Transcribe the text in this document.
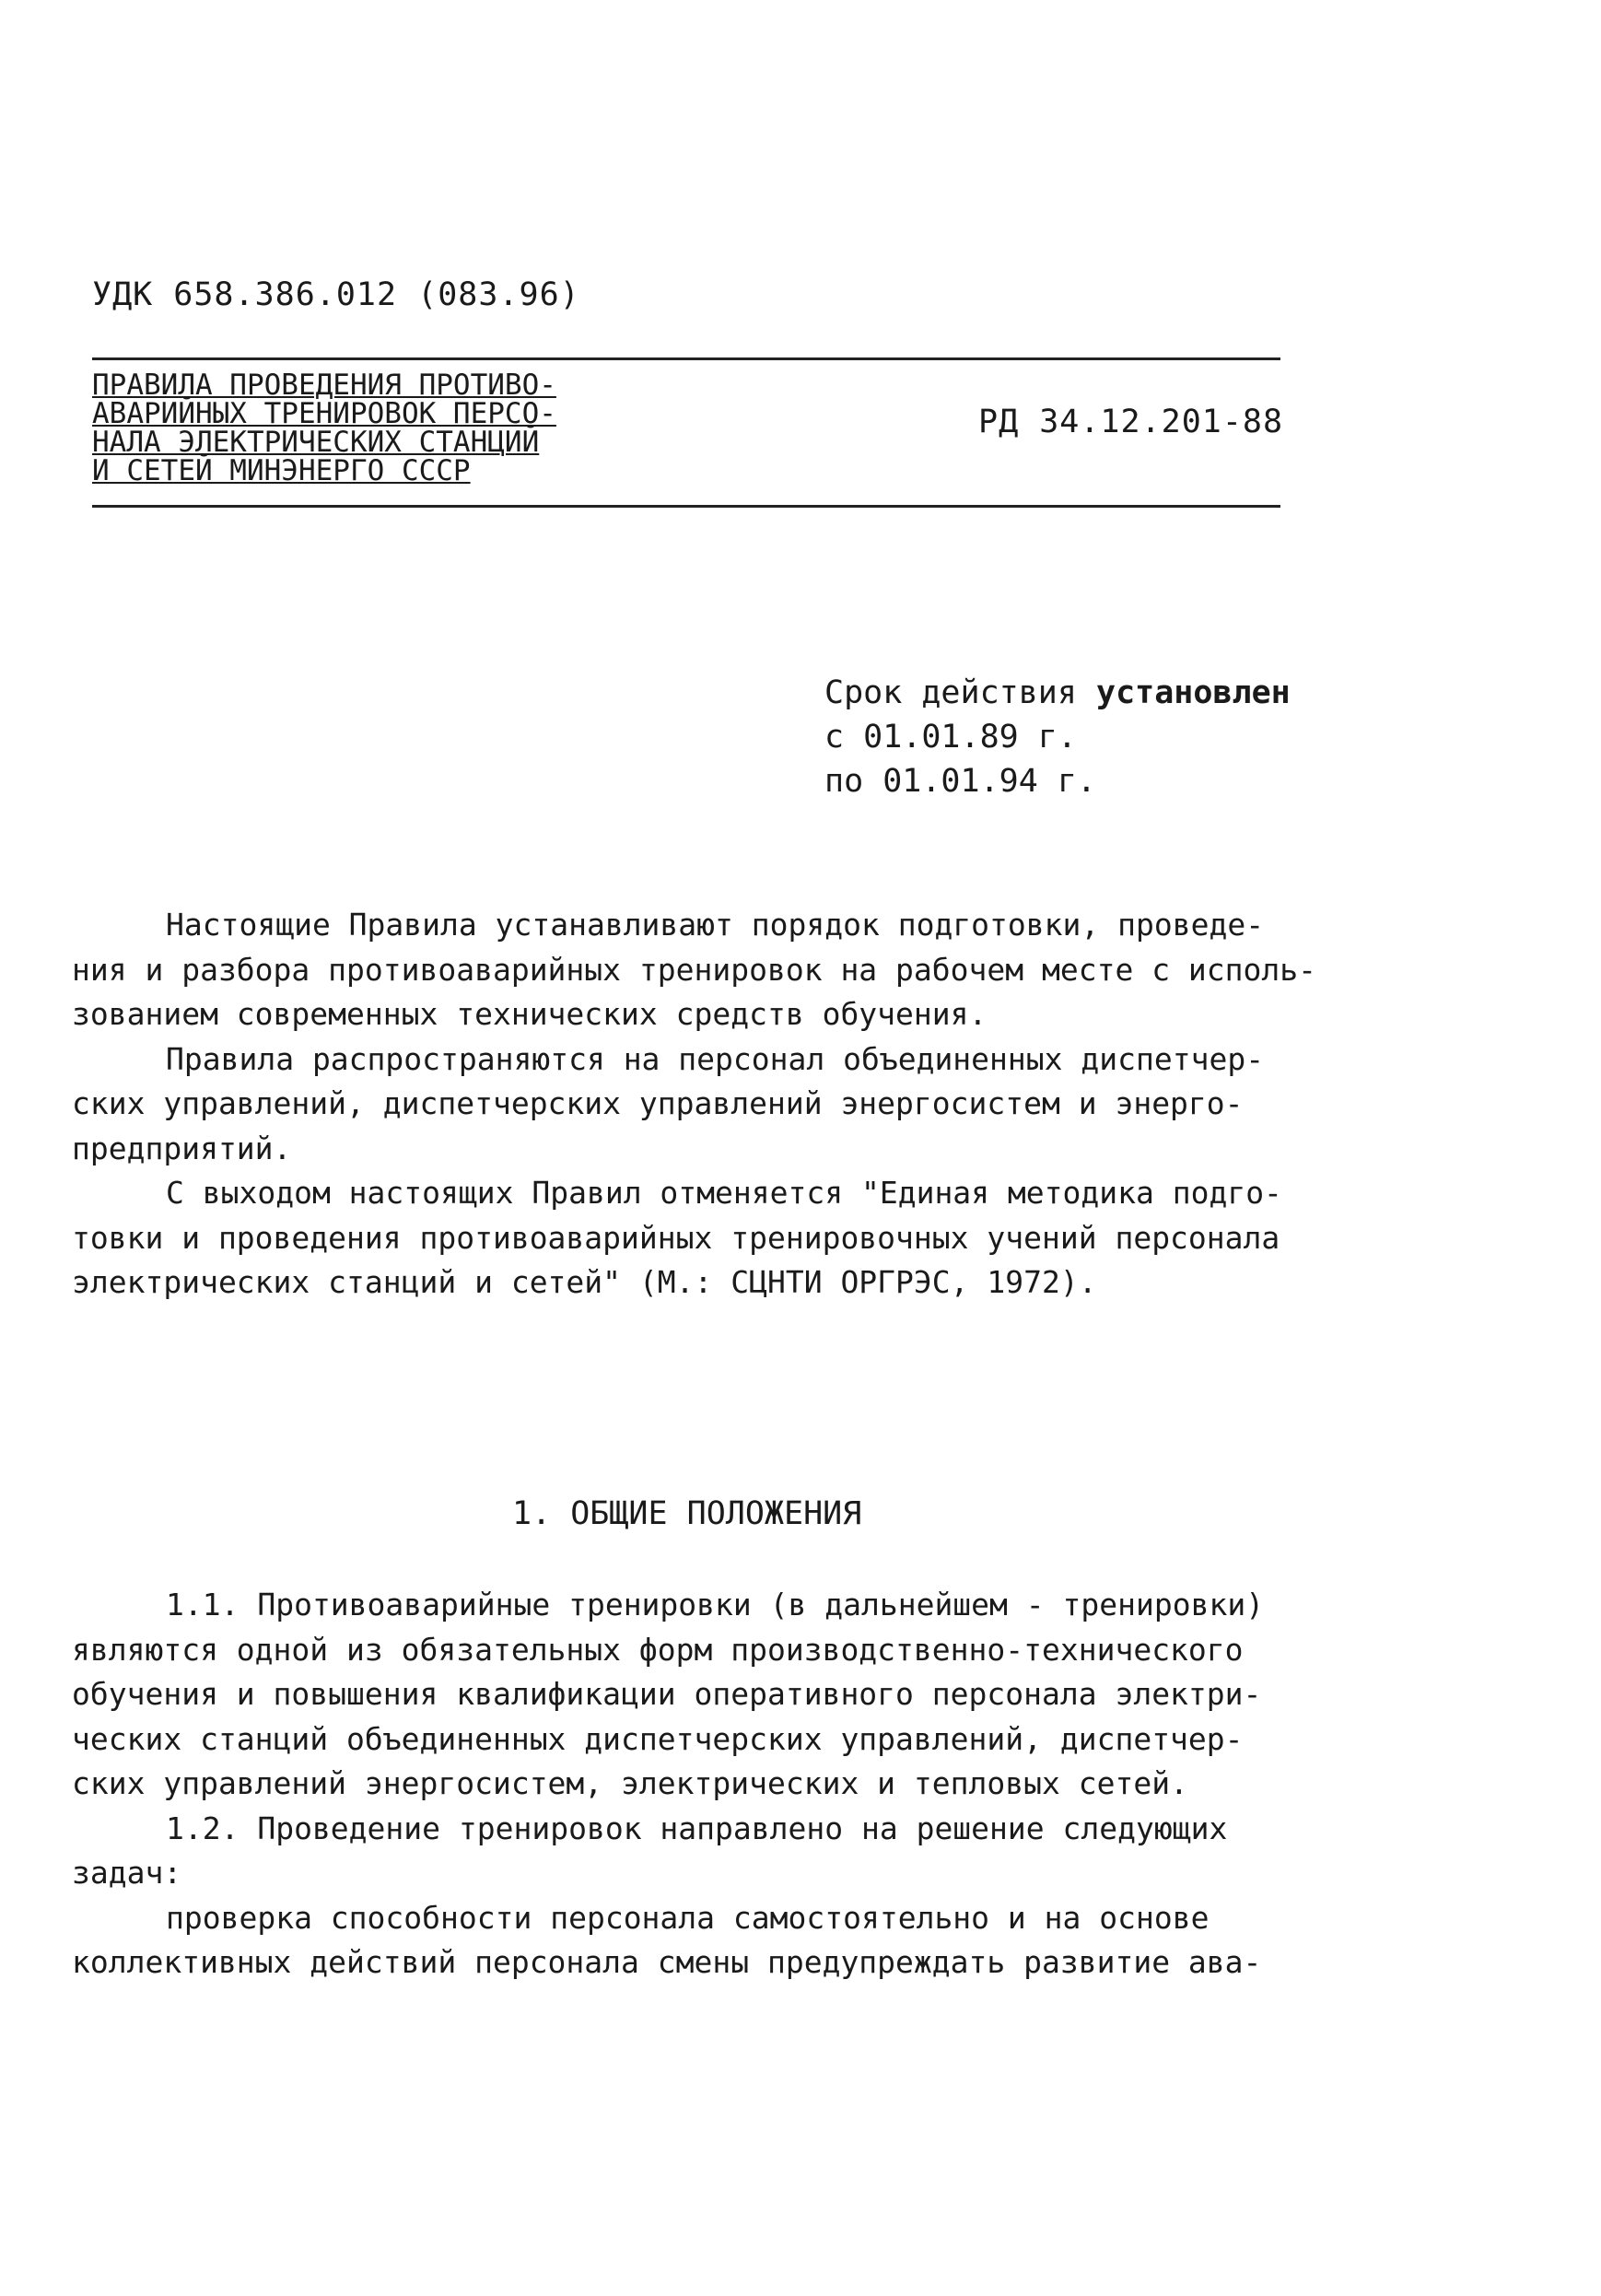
УДК 658.386.012 (083.96)
ПРАВИЛА ПРОВЕДЕНИЯ ПРОТИВО-
АВАРИЙНЫХ ТРЕНИРОВОК ПЕРСО-
НАЛА ЭЛЕКТРИЧЕСКИХ СТАНЦИЙ
И СЕТЕЙ МИНЭНЕРГО СССР
РД 34.12.201-88
Срок действия установлен
с 01.01.89 г.
по 01.01.94 г.
Настоящие Правила устанавливают порядок подготовки, проведе-
ния и разбора противоаварийных тренировок на рабочем месте с исполь-
зованием современных технических средств обучения.
Правила распространяются на персонал объединенных диспетчер-
ских управлений, диспетчерских управлений энергосистем и энерго-
предприятий.
С выходом настоящих Правил отменяется "Единая методика подго-
товки и проведения противоаварийных тренировочных учений персонала
электрических станций и сетей" (М.: СЦНТИ ОРГРЭС, 1972).
1. ОБЩИЕ ПОЛОЖЕНИЯ
1.1. Противоаварийные тренировки (в дальнейшем - тренировки)
являются одной из обязательных форм производственно-технического
обучения и повышения квалификации оперативного персонала электри-
ческих станций объединенных диспетчерских управлений, диспетчер-
ских управлений энергосистем, электрических и тепловых сетей.
1.2. Проведение тренировок направлено на решение следующих
задач:
проверка способности персонала самостоятельно и на основе
коллективных действий персонала смены предупреждать развитие ава-
